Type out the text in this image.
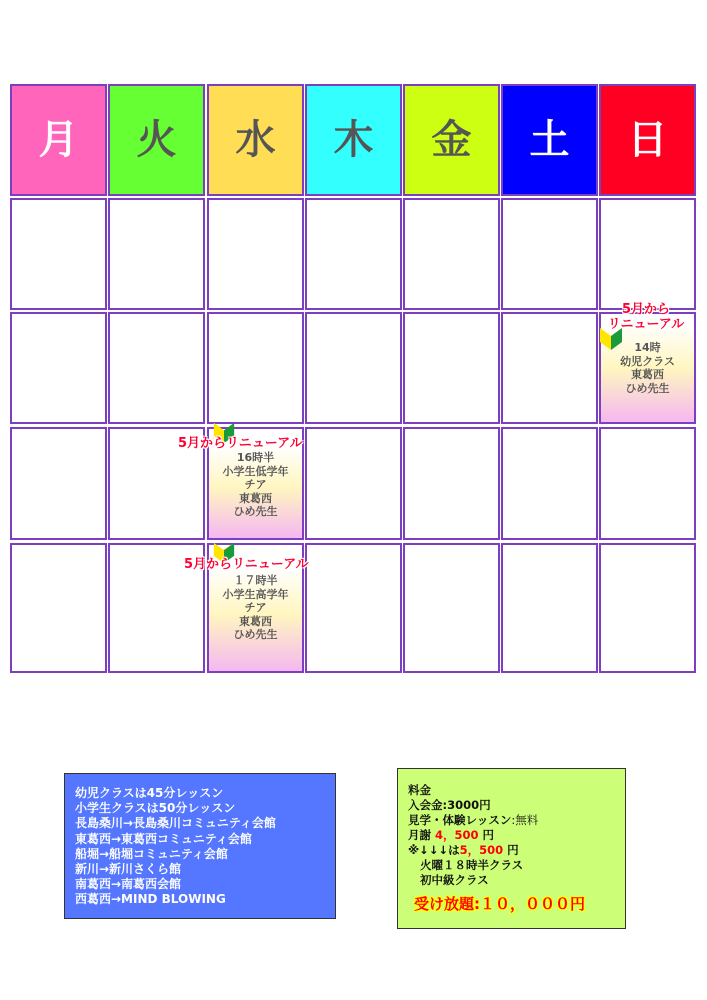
月 火 水 木 金 土 日
14時
幼児クラス
東葛西
ひめ先生
5月から
リニューアル
16時半
小学生低学年
チア
東葛西
ひめ先生
5月からリニューアル
１７時半
小学生高学年
チア
東葛西
ひめ先生
5月からリニューアル
幼児クラスは45分レッスン
小学生クラスは50分レッスン
長島桑川→長島桑川コミュニティ会館
東葛西→東葛西コミュニティ会館
船堀→船堀コミュニティ会館
新川→新川さくら館
南葛西→南葛西会館
西葛西→MIND BLOWING
料金
入会金:3000円
見学・体験レッスン:無料
月謝 4，500 円
※↓↓↓は5，500 円
火曜１８時半クラス
初中級クラス
受け放題:１０，０００円
